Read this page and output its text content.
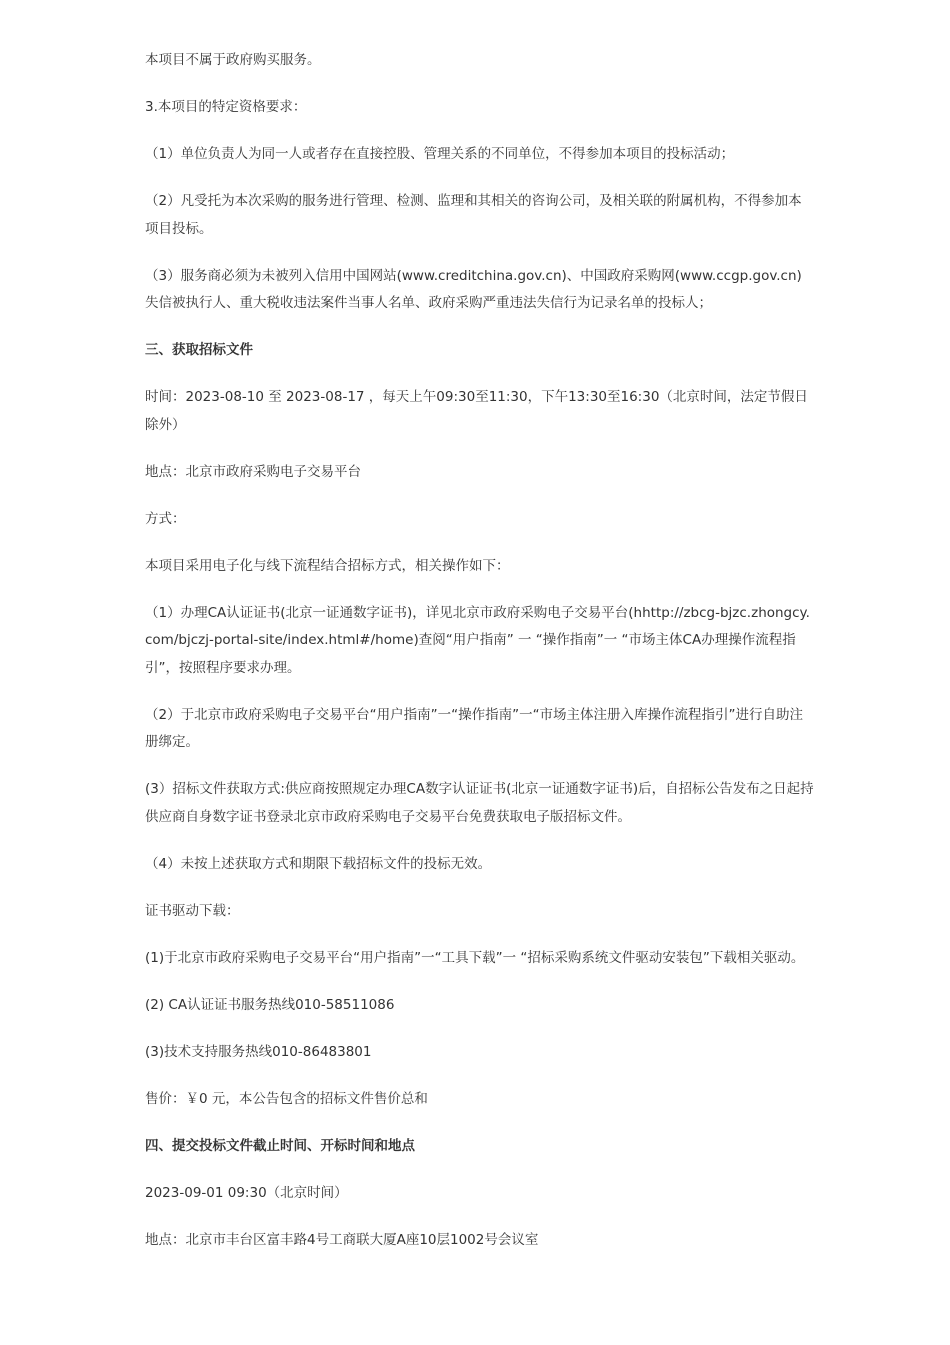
本项目不属于政府购买服务。

3.本项目的特定资格要求：

（1）单位负责人为同一人或者存在直接控股、管理关系的不同单位，不得参加本项目的投标活动；

（2）凡受托为本次采购的服务进行管理、检测、监理和其相关的咨询公司，及相关联的附属机构，不得参加本项目投标。

（3）服务商必须为未被列入信用中国网站(www.creditchina.gov.cn)、中国政府采购网(www.ccgp.gov.cn)失信被执行人、重大税收违法案件当事人名单、政府采购严重违法失信行为记录名单的投标人；

三、获取招标文件

时间：2023-08-10 至 2023-08-17 ，每天上午09:30至11:30，下午13:30至16:30（北京时间，法定节假日除外）

地点：北京市政府采购电子交易平台

方式：

本项目采用电子化与线下流程结合招标方式，相关操作如下：

（1）办理CA认证证书(北京一证通数字证书)，详见北京市政府采购电子交易平台(hhttp://zbcg-bjzc.zhongcy.com/bjczj-portal-site/index.html#/home)查阅“用户指南” 一 “操作指南”一 “市场主体CA办理操作流程指引”，按照程序要求办理。

（2）于北京市政府采购电子交易平台“用户指南”一“操作指南”一“市场主体注册入库操作流程指引”进行自助注册绑定。

(3）招标文件获取方式:供应商按照规定办理CA数字认证证书(北京一证通数字证书)后，自招标公告发布之日起持供应商自身数字证书登录北京市政府采购电子交易平台免费获取电子版招标文件。

（4）未按上述获取方式和期限下载招标文件的投标无效。

证书驱动下载：

(1)于北京市政府采购电子交易平台“用户指南”一“工具下载”一 “招标采购系统文件驱动安装包”下载相关驱动。

(2) CA认证证书服务热线010-58511086

(3)技术支持服务热线010-86483801

售价：￥0 元，本公告包含的招标文件售价总和

四、提交投标文件截止时间、开标时间和地点

2023-09-01 09:30（北京时间）

地点：北京市丰台区富丰路4号工商联大厦A座10层1002号会议室
